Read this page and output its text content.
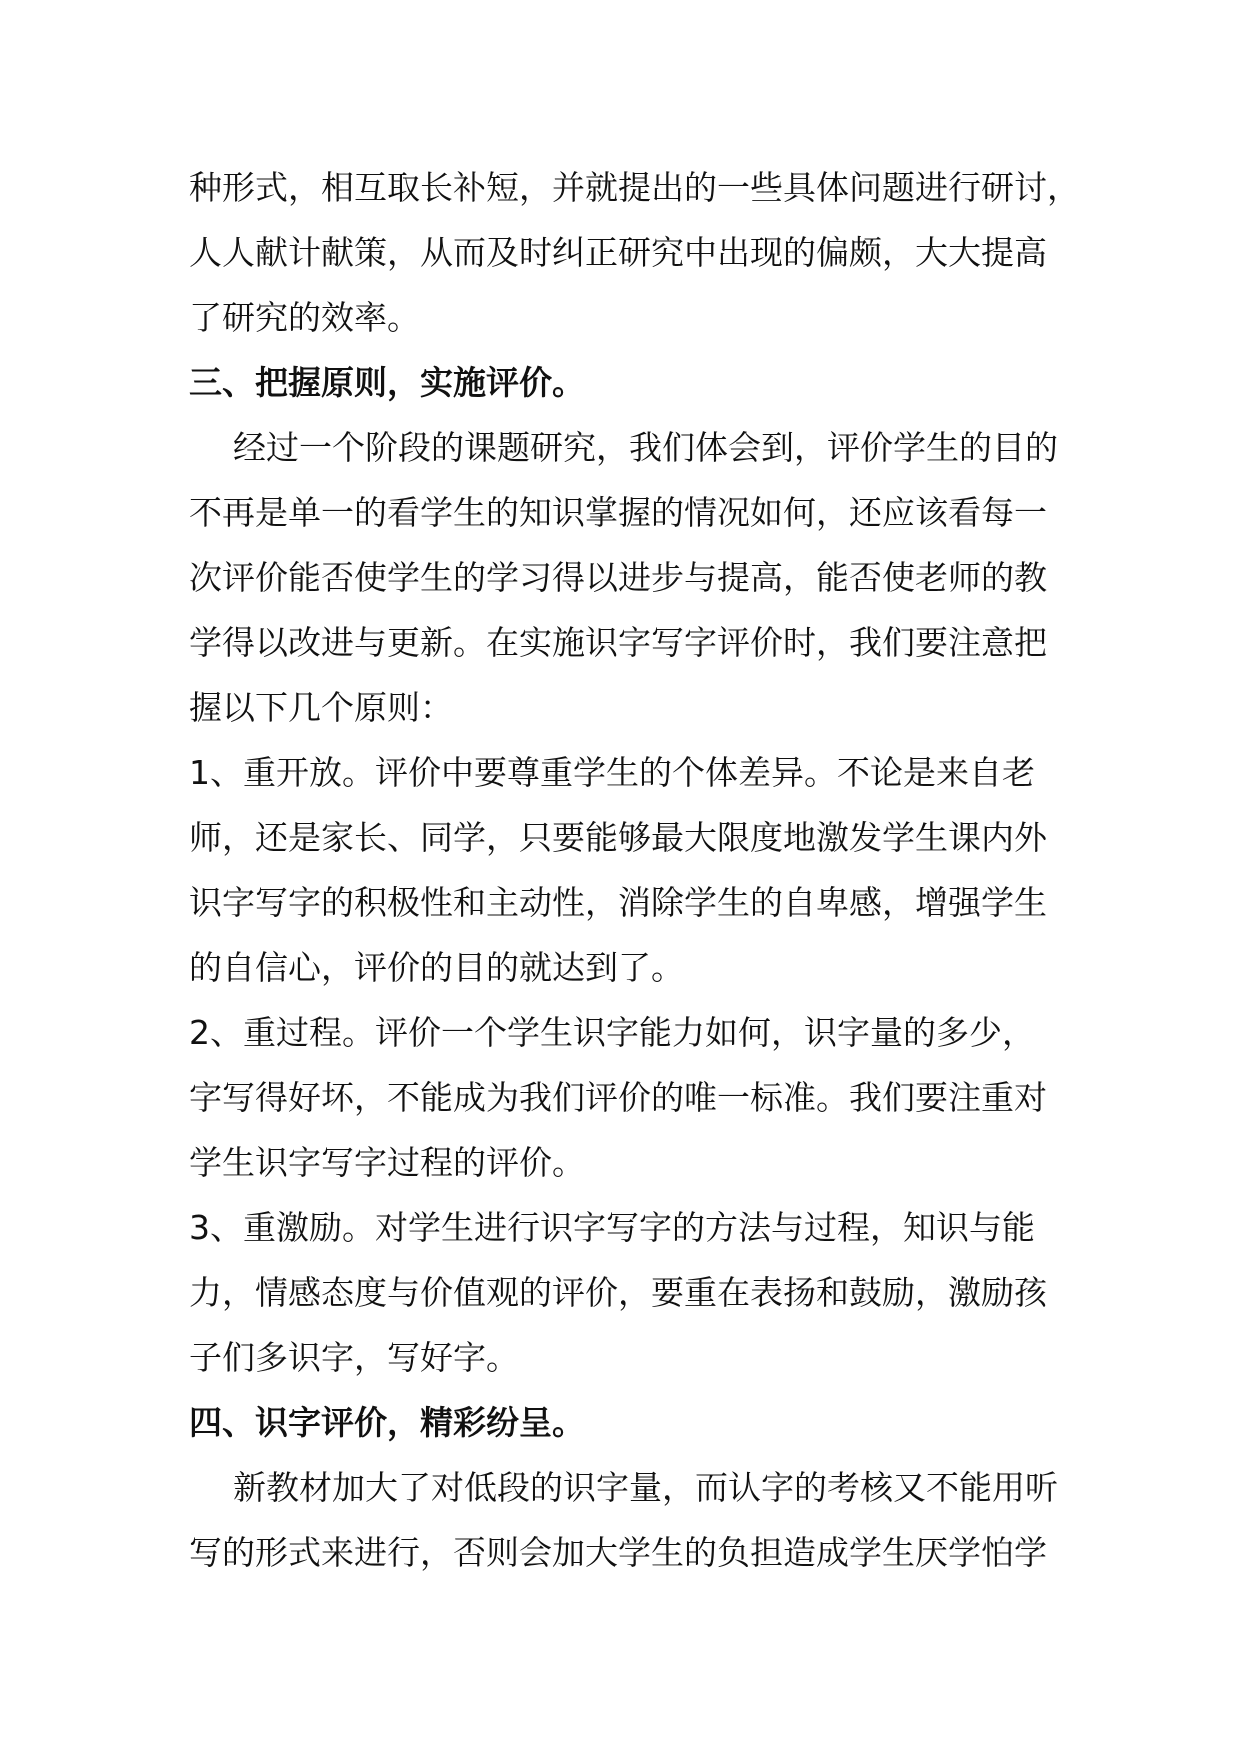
种形式，相互取长补短，并就提出的一些具体问题进行研讨，
人人献计献策，从而及时纠正研究中出现的偏颇，大大提高
了研究的效率。
三、把握原则，实施评价。
经过一个阶段的课题研究，我们体会到，评价学生的目的
不再是单一的看学生的知识掌握的情况如何，还应该看每一
次评价能否使学生的学习得以进步与提高，能否使老师的教
学得以改进与更新。在实施识字写字评价时，我们要注意把
握以下几个原则：
1、重开放。评价中要尊重学生的个体差异。不论是来自老
师，还是家长、同学，只要能够最大限度地激发学生课内外
识字写字的积极性和主动性，消除学生的自卑感，增强学生
的自信心，评价的目的就达到了。
2、重过程。评价一个学生识字能力如何，识字量的多少，
字写得好坏，不能成为我们评价的唯一标准。我们要注重对
学生识字写字过程的评价。
3、重激励。对学生进行识字写字的方法与过程，知识与能
力，情感态度与价值观的评价，要重在表扬和鼓励，激励孩
子们多识字，写好字。
四、识字评价，精彩纷呈。
新教材加大了对低段的识字量，而认字的考核又不能用听
写的形式来进行，否则会加大学生的负担造成学生厌学怕学
